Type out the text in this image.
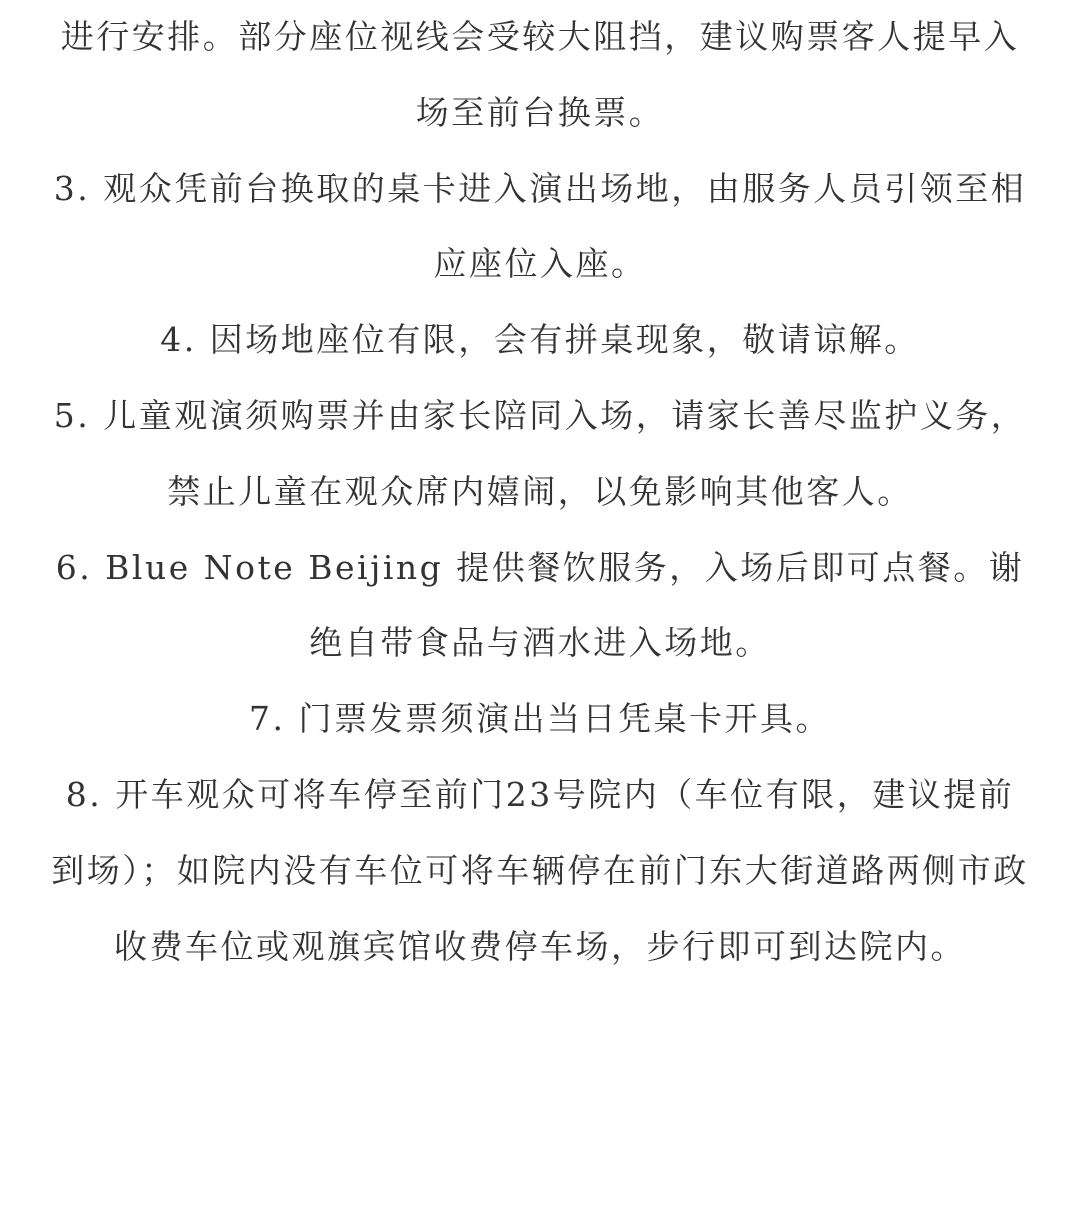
进行安排。部分座位视线会受较大阻挡，建议购票客人提早入场至前台换票。

3. 观众凭前台换取的桌卡进入演出场地，由服务人员引领至相应座位入座。

4. 因场地座位有限，会有拼桌现象，敬请谅解。

5. 儿童观演须购票并由家长陪同入场，请家长善尽监护义务，禁止儿童在观众席内嬉闹，以免影响其他客人。

6. Blue Note Beijing 提供餐饮服务，入场后即可点餐。谢绝自带食品与酒水进入场地。

7. 门票发票须演出当日凭桌卡开具。

8. 开车观众可将车停至前门23号院内（车位有限，建议提前到场）；如院内没有车位可将车辆停在前门东大街道路两侧市政收费车位或观旗宾馆收费停车场，步行即可到达院内。
